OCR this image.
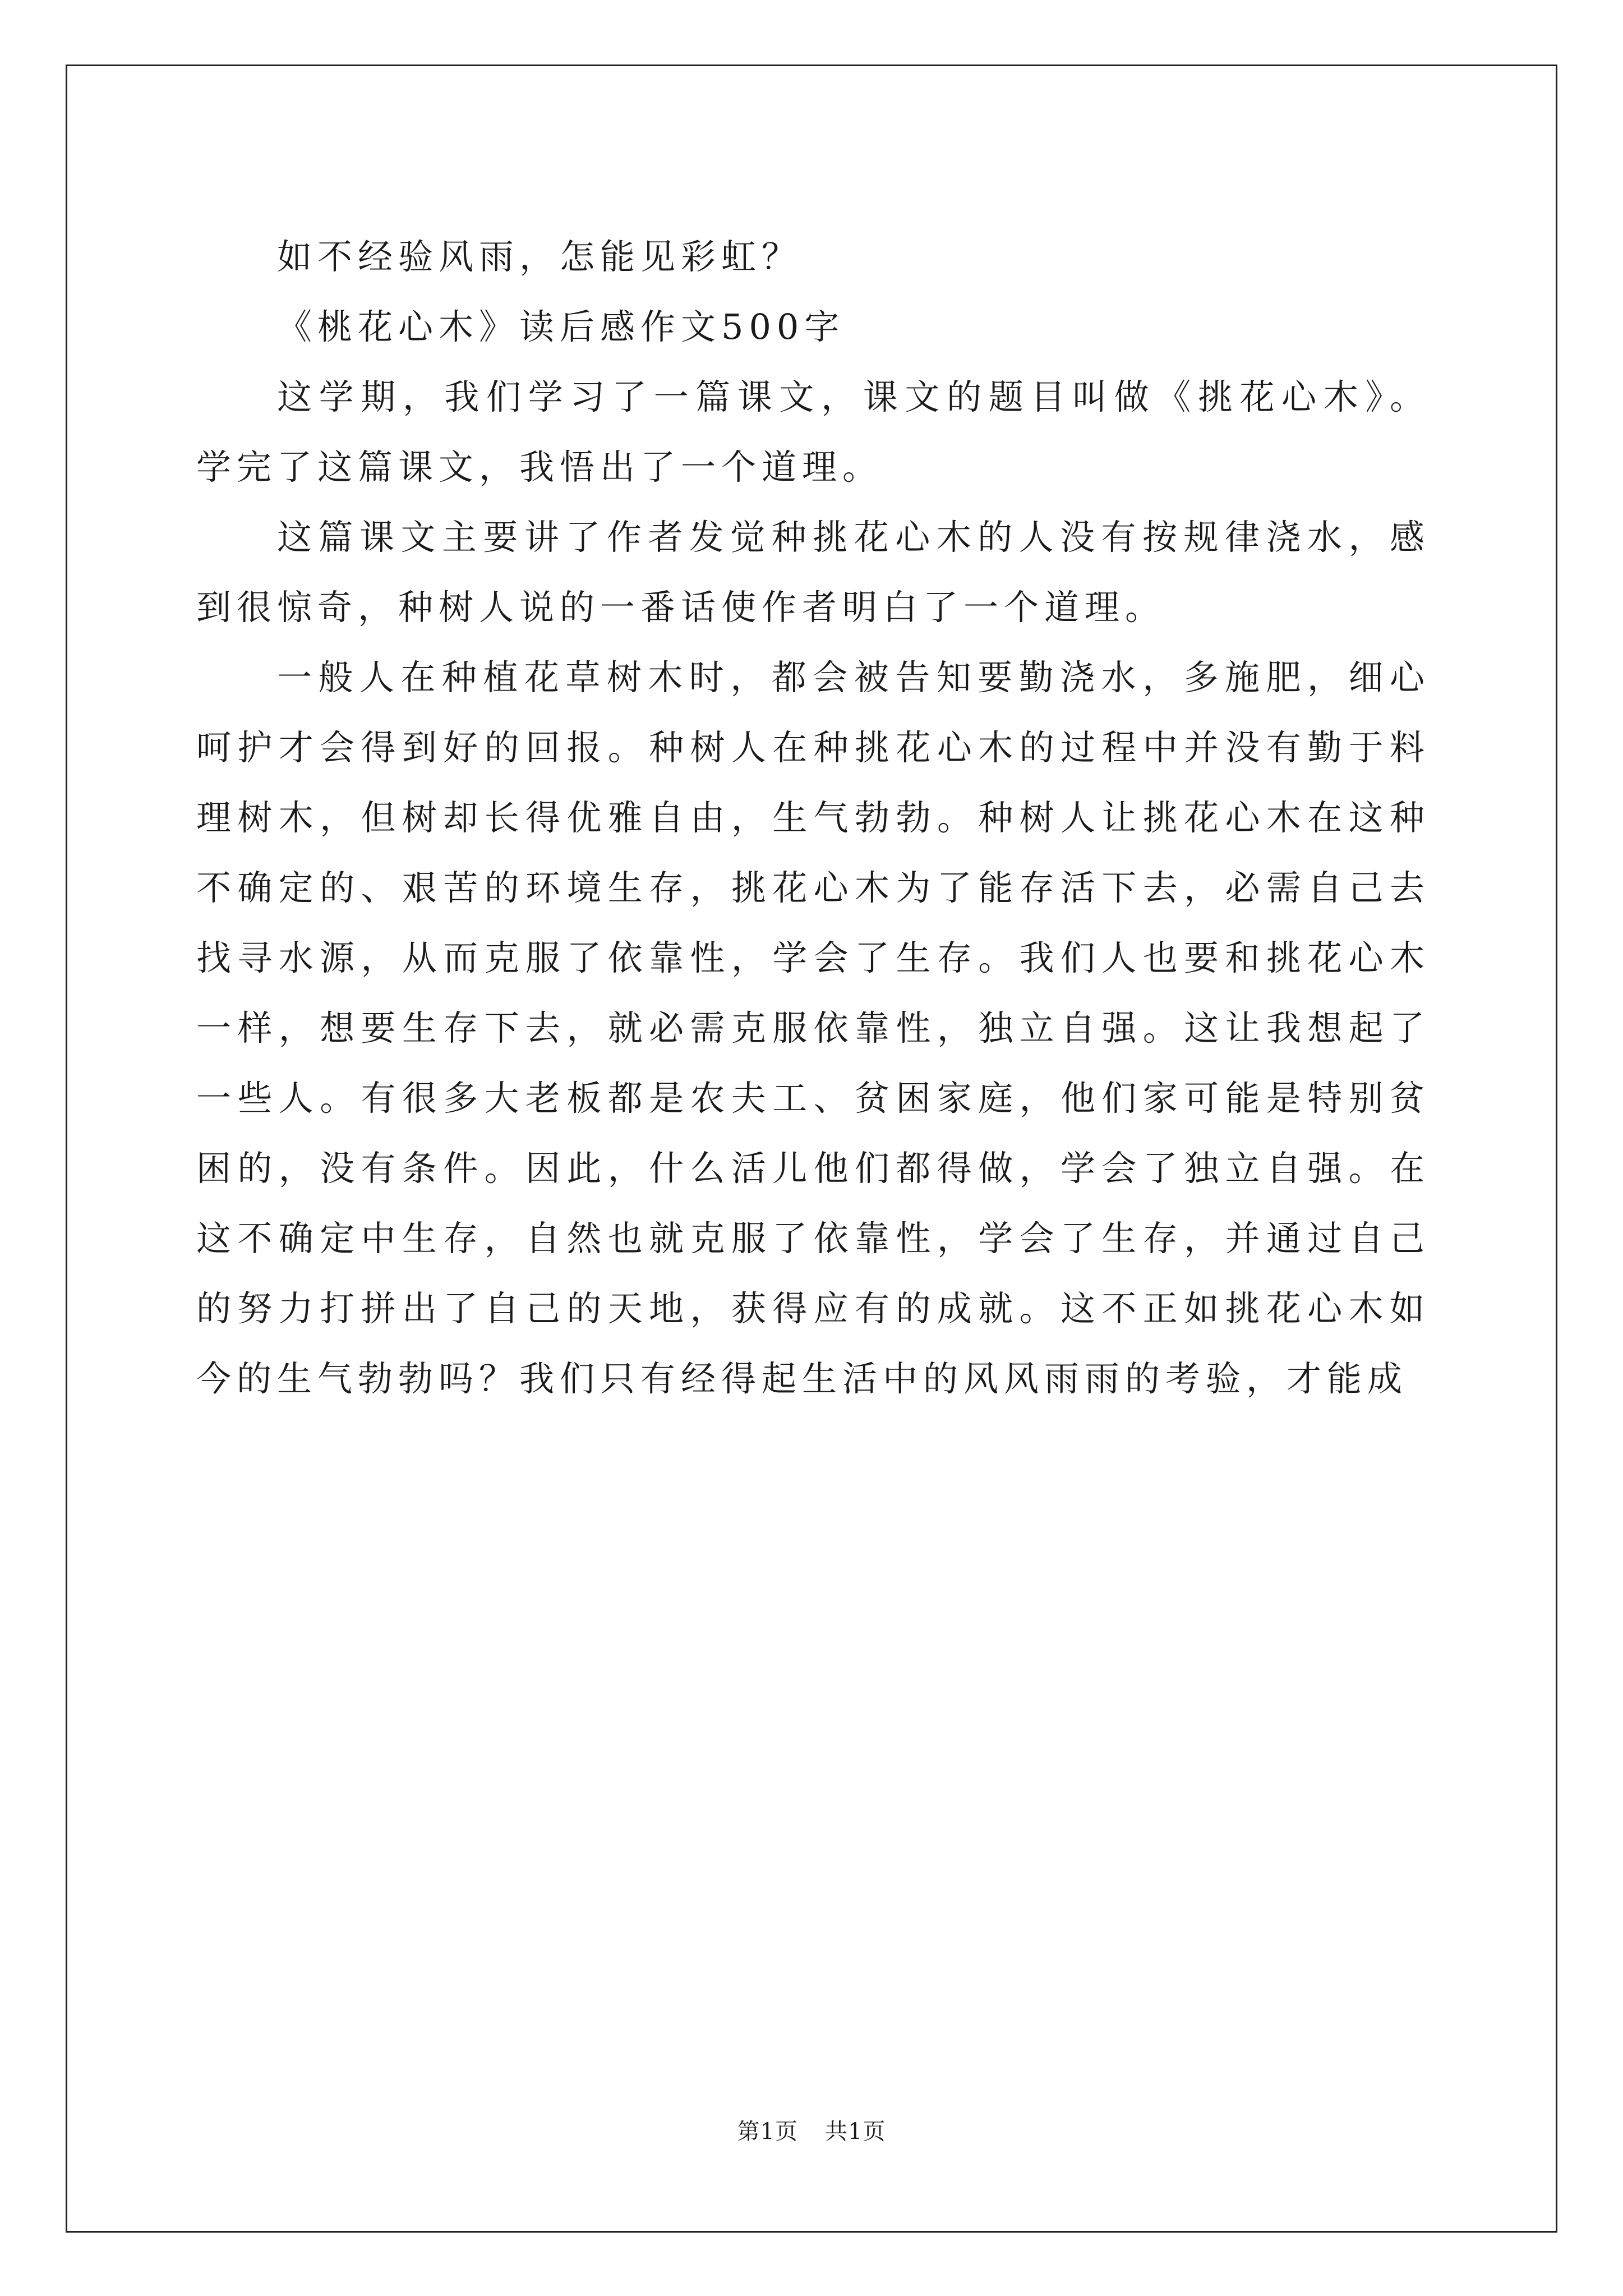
如不经验风雨，怎能见彩虹？

《桃花心木》读后感作文500字

这学期，我们学习了一篇课文，课文的题目叫做《挑花心木》。学完了这篇课文，我悟出了一个道理。

这篇课文主要讲了作者发觉种挑花心木的人没有按规律浇水，感到很惊奇，种树人说的一番话使作者明白了一个道理。

一般人在种植花草树木时，都会被告知要勤浇水，多施肥，细心呵护才会得到好的回报。种树人在种挑花心木的过程中并没有勤于料理树木，但树却长得优雅自由，生气勃勃。种树人让挑花心木在这种不确定的、艰苦的环境生存，挑花心木为了能存活下去，必需自己去找寻水源，从而克服了依靠性，学会了生存。我们人也要和挑花心木一样，想要生存下去，就必需克服依靠性，独立自强。这让我想起了一些人。有很多大老板都是农夫工、贫困家庭，他们家可能是特别贫困的，没有条件。因此，什么活儿他们都得做，学会了独立自强。在这不确定中生存，自然也就克服了依靠性，学会了生存，并通过自己的努力打拼出了自己的天地，获得应有的成就。这不正如挑花心木如今的生气勃勃吗？我们只有经得起生活中的风风雨雨的考验，才能成

第1页 共1页
